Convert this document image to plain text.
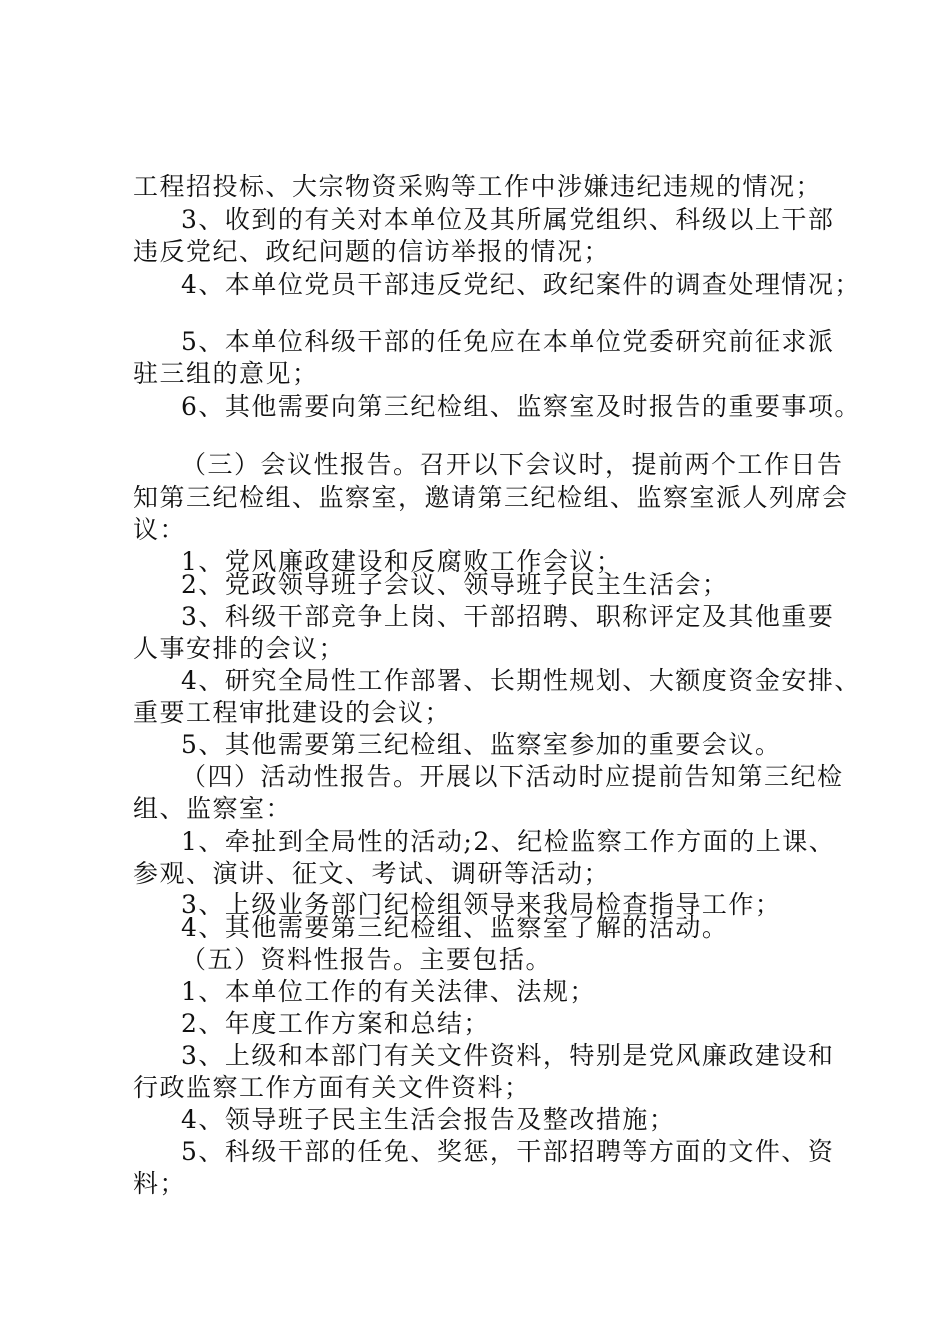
工程招投标、大宗物资采购等工作中涉嫌违纪违规的情况；
3、收到的有关对本单位及其所属党组织、科级以上干部
违反党纪、政纪问题的信访举报的情况；
4、本单位党员干部违反党纪、政纪案件的调查处理情况；
5、本单位科级干部的任免应在本单位党委研究前征求派
驻三组的意见；
6、其他需要向第三纪检组、监察室及时报告的重要事项。
（三）会议性报告。召开以下会议时，提前两个工作日告
知第三纪检组、监察室，邀请第三纪检组、监察室派人列席会
议：
1、党风廉政建设和反腐败工作会议；
2、党政领导班子会议、领导班子民主生活会；
3、科级干部竞争上岗、干部招聘、职称评定及其他重要
人事安排的会议；
4、研究全局性工作部署、长期性规划、大额度资金安排、
重要工程审批建设的会议；
5、其他需要第三纪检组、监察室参加的重要会议。
（四）活动性报告。开展以下活动时应提前告知第三纪检
组、监察室：
1、牵扯到全局性的活动;2、纪检监察工作方面的上课、
参观、演讲、征文、考试、调研等活动；
3、上级业务部门纪检组领导来我局检查指导工作；
4、其他需要第三纪检组、监察室了解的活动。
（五）资料性报告。主要包括。
1、本单位工作的有关法律、法规；
2、年度工作方案和总结；
3、上级和本部门有关文件资料，特别是党风廉政建设和
行政监察工作方面有关文件资料；
4、领导班子民主生活会报告及整改措施；
5、科级干部的任免、奖惩，干部招聘等方面的文件、资
料；
